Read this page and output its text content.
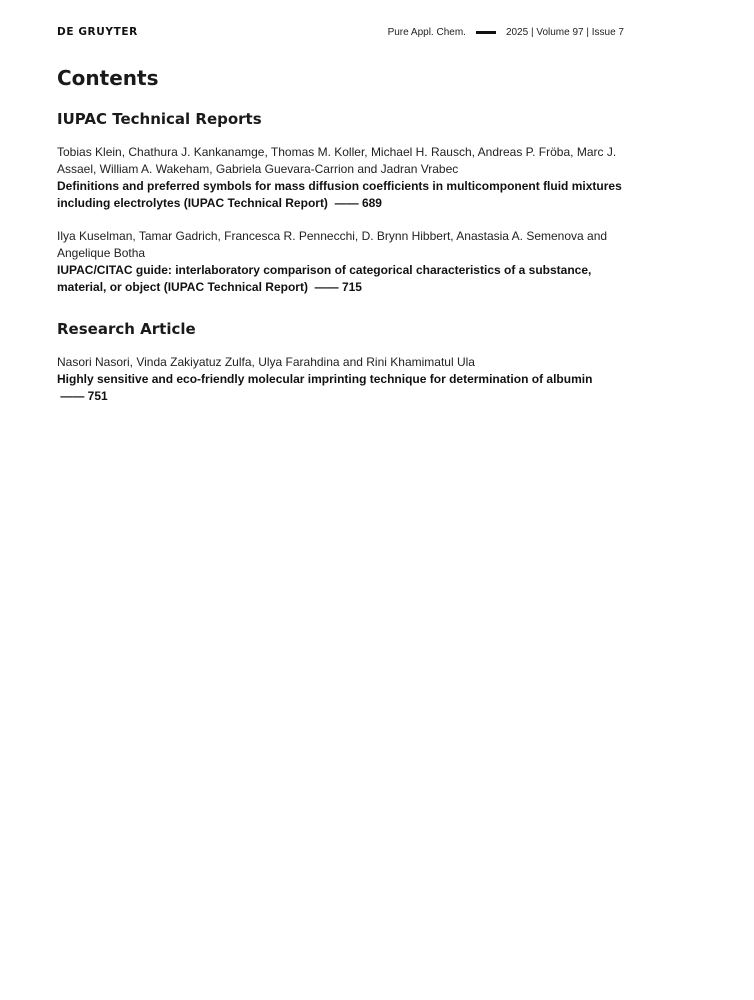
DE GRUYTER	Pure Appl. Chem.	2025 | Volume 97 | Issue 7
Contents
IUPAC Technical Reports
Tobias Klein, Chathura J. Kankanamge, Thomas M. Koller, Michael H. Rausch, Andreas P. Fröba, Marc J. Assael, William A. Wakeham, Gabriela Guevara-Carrion and Jadran Vrabec
Definitions and preferred symbols for mass diffusion coefficients in multicomponent fluid mixtures including electrolytes (IUPAC Technical Report)  —— 689
Ilya Kuselman, Tamar Gadrich, Francesca R. Pennecchi, D. Brynn Hibbert, Anastasia A. Semenova and Angelique Botha
IUPAC/CITAC guide: interlaboratory comparison of categorical characteristics of a substance, material, or object (IUPAC Technical Report)  —— 715
Research Article
Nasori Nasori, Vinda Zakiyatuz Zulfa, Ulya Farahdina and Rini Khamimatul Ula
Highly sensitive and eco-friendly molecular imprinting technique for determination of albumin  —— 751
